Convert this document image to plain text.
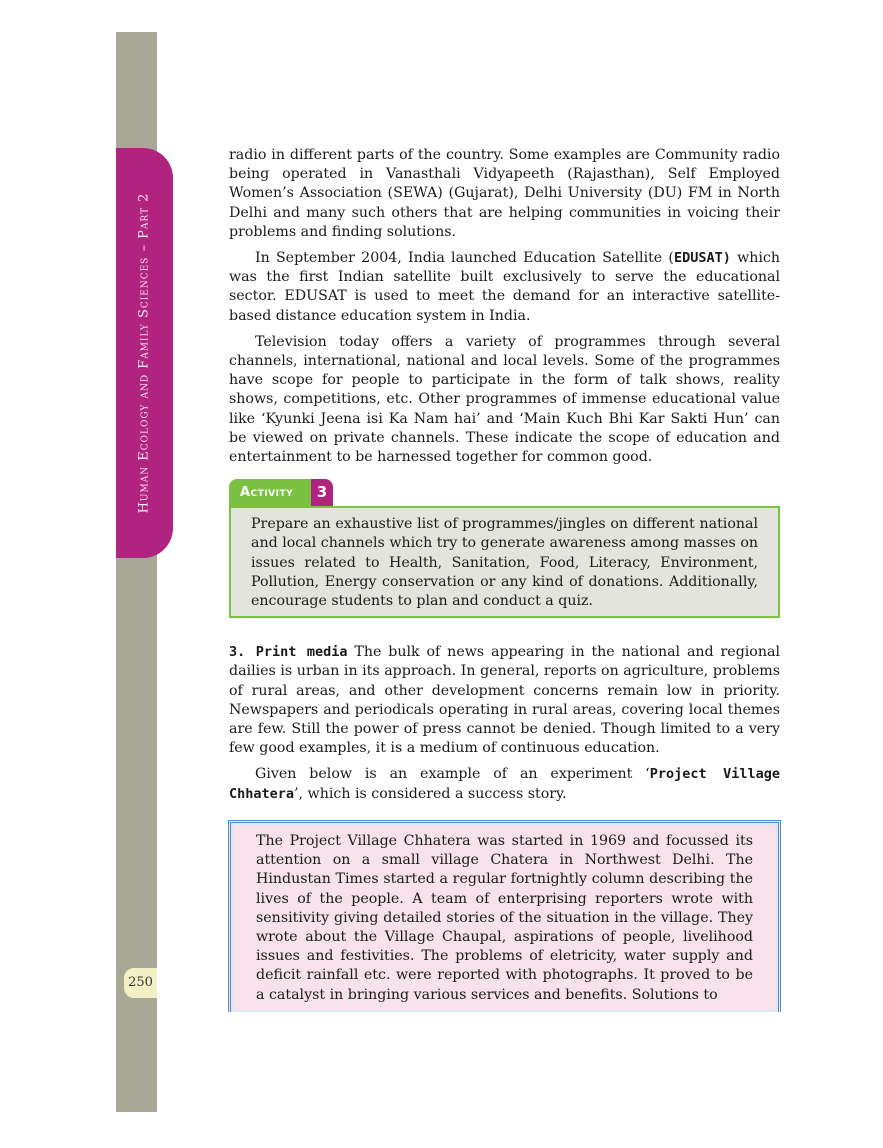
Human Ecology and Family Sciences – Part 2
250

radio in different parts of the country. Some examples are Community radio being operated in Vanasthali Vidyapeeth (Rajasthan), Self Employed Women’s Association (SEWA) (Gujarat), Delhi University (DU) FM in North Delhi and many such others that are helping communities in voicing their problems and finding solutions.

In September 2004, India launched Education Satellite (EDUSAT) which was the first Indian satellite built exclusively to serve the educational sector. EDUSAT is used to meet the demand for an interactive satellite-based distance education system in India.

Television today offers a variety of programmes through several channels, international, national and local levels. Some of the programmes have scope for people to participate in the form of talk shows, reality shows, competitions, etc. Other programmes of immense educational value like ‘Kyunki Jeena isi Ka Nam hai’ and ‘Main Kuch Bhi Kar Sakti Hun’ can be viewed on private channels. These indicate the scope of education and entertainment to be harnessed together for common good.

Activity	3

Prepare an exhaustive list of programmes/jingles on different national and local channels which try to generate awareness among masses on issues related to Health, Sanitation, Food, Literacy, Environment, Pollution, Energy conservation or any kind of donations. Additionally, encourage students to plan and conduct a quiz.

3. Print media The bulk of news appearing in the national and regional dailies is urban in its approach. In general, reports on agriculture, problems of rural areas, and other development concerns remain low in priority. Newspapers and periodicals operating in rural areas, covering local themes are few. Still the power of press cannot be denied. Though limited to a very few good examples, it is a medium of continuous education.

Given below is an example of an experiment ‘Project Village Chhatera’, which is considered a success story.

The Project Village Chhatera was started in 1969 and focussed its attention on a small village Chatera in Northwest Delhi. The Hindustan Times started a regular fortnightly column describing the lives of the people. A team of enterprising reporters wrote with sensitivity giving detailed stories of the situation in the village. They wrote about the Village Chaupal, aspirations of people, livelihood issues and festivities. The problems of eletricity, water supply and deficit rainfall etc. were reported with photographs. It proved to be a catalyst in bringing various services and benefits. Solutions to
